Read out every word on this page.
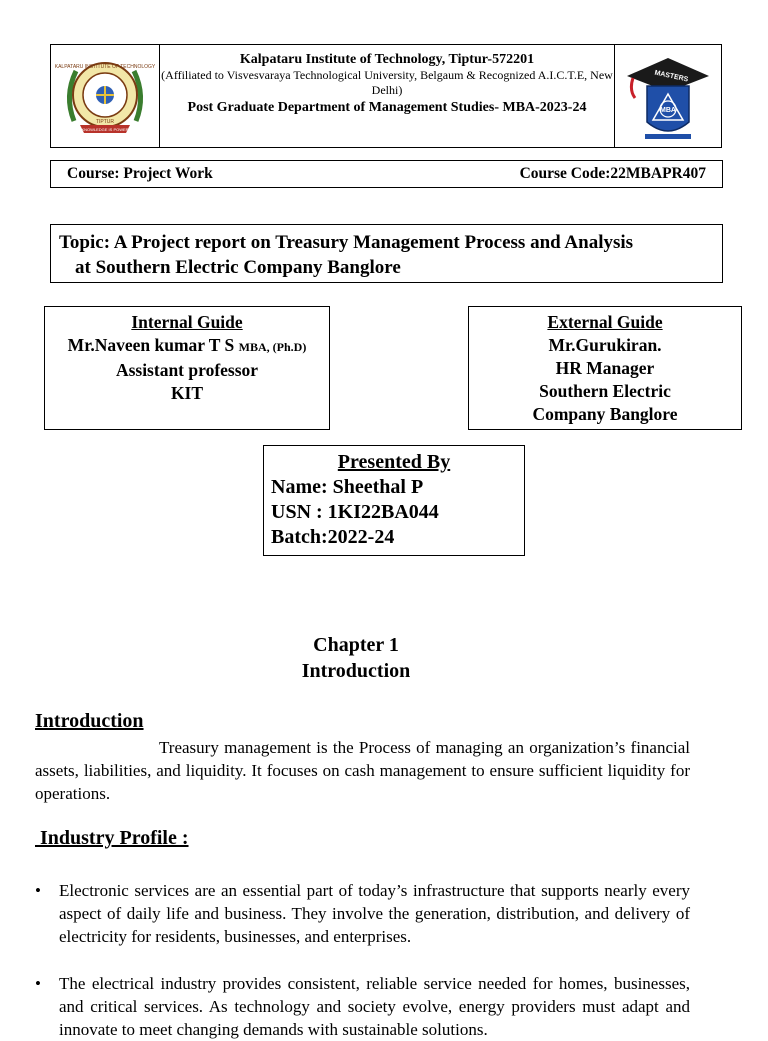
KALPATARU INSTITUTE OF TECHNOLOGY
TIPTUR
KNOWLEDGE IS POWER
Kalpataru Institute of Technology, Tiptur-572201
(Affiliated to Visvesvaraya Technological University, Belgaum & Recognized A.I.C.T.E, New Delhi)
Post Graduate Department of Management Studies- MBA-2023-24
MASTERS
MBA
Course: Project Work	Course Code:22MBAPR407
Topic: A Project report on Treasury Management Process and Analysis
at Southern Electric Company Banglore
Internal Guide
Mr.Naveen kumar T S MBA, (Ph.D)
Assistant professor
KIT
External Guide
Mr.Gurukiran.
HR Manager
Southern Electric
Company Banglore
Presented By
Name: Sheethal P
USN : 1KI22BA044
Batch:2022-24
Chapter 1
Introduction
Introduction
Treasury management is the Process of managing an organization’s financial assets, liabilities, and liquidity. It focuses on cash management to ensure sufficient liquidity for operations.
Industry Profile :
• Electronic services are an essential part of today’s infrastructure that supports nearly every aspect of daily life and business. They involve the generation, distribution, and delivery of electricity for residents, businesses, and enterprises.
• The electrical industry provides consistent, reliable service needed for homes, businesses, and critical services. As technology and society evolve, energy providers must adapt and innovate to meet changing demands with sustainable solutions.
